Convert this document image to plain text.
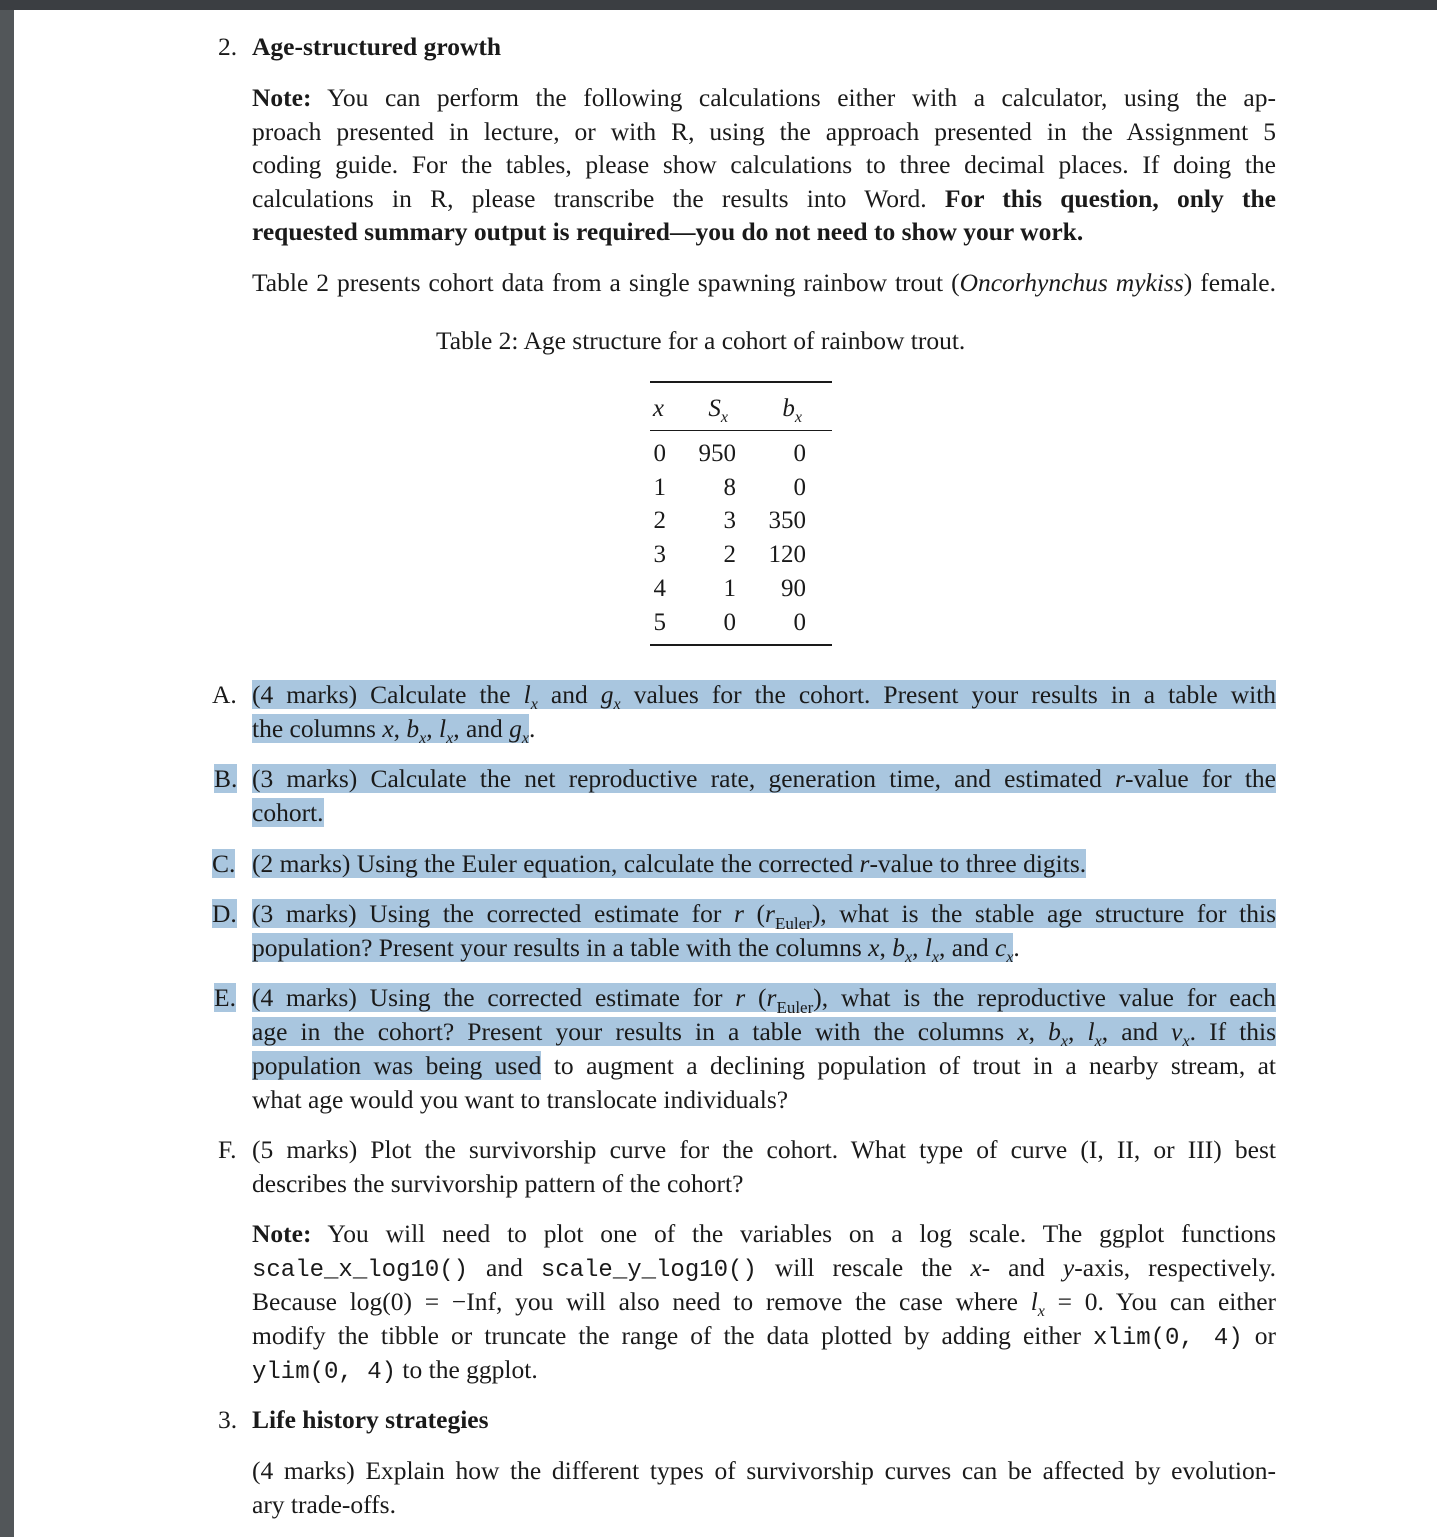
2. Age-structured growth
Note: You can perform the following calculations either with a calculator, using the ap-
proach presented in lecture, or with R, using the approach presented in the Assignment 5
coding guide. For the tables, please show calculations to three decimal places. If doing the
calculations in R, please transcribe the results into Word. For this question, only the
requested summary output is required—you do not need to show your work.
Table 2 presents cohort data from a single spawning rainbow trout (Oncorhynchus mykiss) female.
Table 2: Age structure for a cohort of rainbow trout.
x	$S_x$	$b_x$
0	950	0
1	8	0
2	3	350
3	2	120
4	1	90
5	0	0
A. (4 marks) Calculate the $l_x$ and $g_x$ values for the cohort. Present your results in a table with
the columns x, $b_x$, $l_x$, and $g_x$.
B. (3 marks) Calculate the net reproductive rate, generation time, and estimated r-value for the
cohort.
C. (2 marks) Using the Euler equation, calculate the corrected r-value to three digits.
D. (3 marks) Using the corrected estimate for r $(r_{Euler})$, what is the stable age structure for this
population? Present your results in a table with the columns x, $b_x$, $l_x$, and $c_x$.
E. (4 marks) Using the corrected estimate for r $(r_{Euler})$, what is the reproductive value for each
age in the cohort? Present your results in a table with the columns x, $b_x$, $l_x$, and $v_x$. If this
population was being used to augment a declining population of trout in a nearby stream, at
what age would you want to translocate individuals?
F. (5 marks) Plot the survivorship curve for the cohort. What type of curve (I, II, or III) best
describes the survivorship pattern of the cohort?
Note: You will need to plot one of the variables on a log scale. The ggplot functions
scale_x_log10() and scale_y_log10() will rescale the x- and y-axis, respectively.
Because log(0) = −Inf, you will also need to remove the case where $l_x = 0$. You can either
modify the tibble or truncate the range of the data plotted by adding either xlim(0, 4) or
ylim(0, 4) to the ggplot.
3. Life history strategies
(4 marks) Explain how the different types of survivorship curves can be affected by evolution-
ary trade-offs.
